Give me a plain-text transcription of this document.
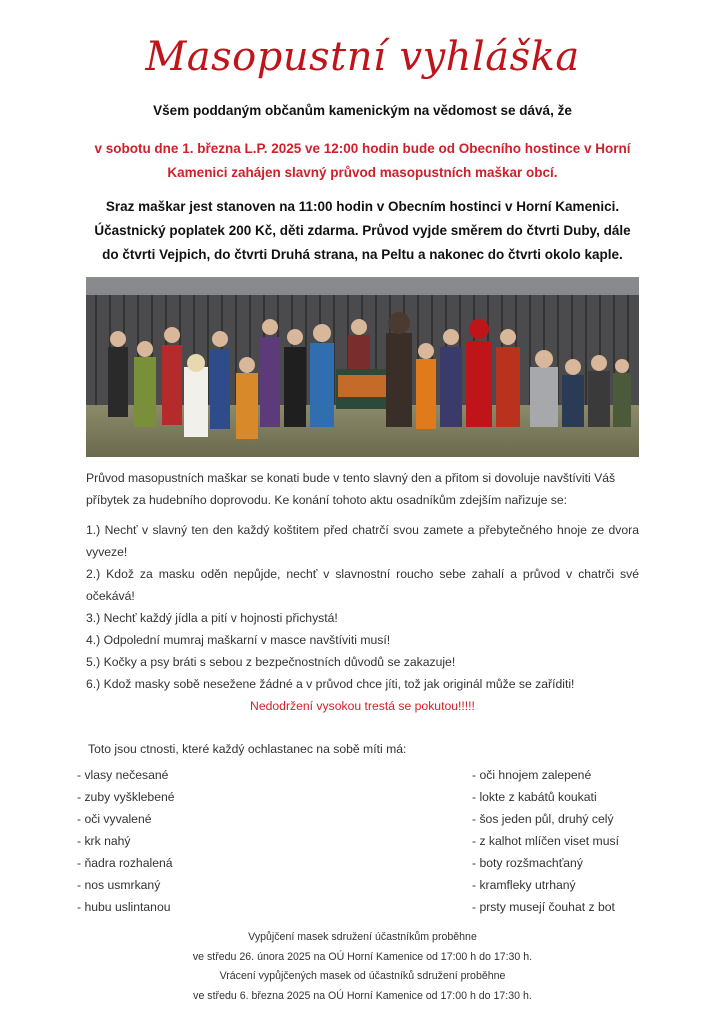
Masopustní vyhláška
Všem poddaným občanům kamenickým na vědomost se dává, že
v sobotu dne 1. března L.P. 2025 ve 12:00 hodin bude od Obecního hostince v Horní
Kamenici zahájen slavný průvod masopustních maškar obcí.
Sraz maškar jest stanoven na 11:00 hodin v Obecním hostinci v Horní Kamenici.
Účastnický poplatek 200 Kč, děti zdarma. Průvod vyjde směrem do čtvrti Duby, dále
do čtvrti Vejpich, do čtvrti Druhá strana, na Peltu a nakonec do čtvrti okolo kaple.
Průvod masopustních maškar se konati bude v tento slavný den a přitom si dovoluje navštíviti Váš příbytek za hudebního doprovodu. Ke konání tohoto aktu osadníkům zdejším nařizuje se:
1.) Nechť v slavný ten den každý koštitem před chatrčí svou zamete a přebytečného hnoje ze dvora vyveze!
2.) Kdož za masku oděn nepůjde, nechť v slavnostní roucho sebe zahalí a průvod v chatrči své očekává!
3.) Nechť každý jídla a pití v hojnosti přichystá!
4.) Odpolední mumraj maškarní v masce navštíviti musí!
5.) Kočky a psy bráti s sebou z bezpečnostních důvodů se zakazuje!
6.) Kdož masky sobě nesežene žádné a v průvod chce jíti, tož jak originál může se zaříditi!
Nedodržení vysokou trestá se pokutou!!!!!
Toto jsou ctnosti, které každý ochlastanec na sobě míti má:
- vlasy nečesané
- zuby vyšklebené
- oči vyvalené
- krk nahý
- ňadra rozhalená
- nos usmrkaný
- hubu uslintanou
- oči hnojem zalepené
- lokte z kabátů koukati
- šos jeden půl, druhý celý
- z kalhot mlíčen viset musí
- boty rozšmachťaný
- kramfleky utrhaný
- prsty musejí čouhat z bot
Vypůjčení masek sdružení účastníkům proběhne
ve středu 26. února 2025 na OÚ Horní Kamenice od 17:00 h do 17:30 h.
Vrácení vypůjčených masek od účastníků sdružení proběhne
ve středu 6. března 2025 na OÚ Horní Kamenice od 17:00 h do 17:30 h.
